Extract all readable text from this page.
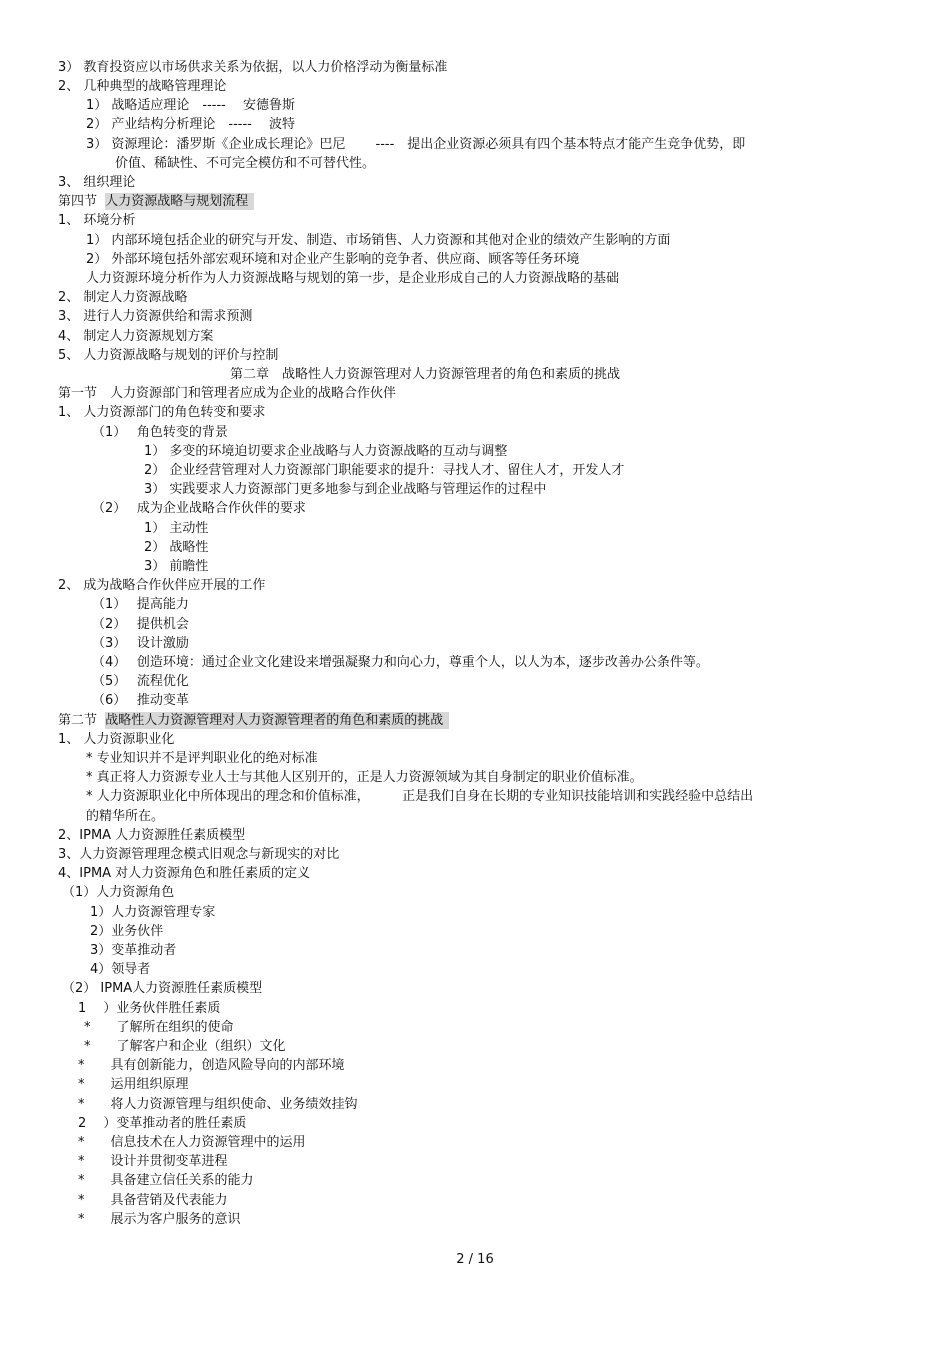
3） 教育投资应以市场供求关系为依据，以人力价格浮动为衡量标准
2、 几种典型的战略管理理论
1） 战略适应理论　-----　 安德鲁斯
2） 产业结构分析理论　-----　 波特
3） 资源理论：潘罗斯《企业成长理论》巴尼　　 ----　提出企业资源必须具有四个基本特点才能产生竞争优势，即
价值、稀缺性、不可完全模仿和不可替代性。
3、 组织理论
第四节 人力资源战略与规划流程
1、 环境分析
1） 内部环境包括企业的研究与开发、制造、市场销售、人力资源和其他对企业的绩效产生影响的方面
2） 外部环境包括外部宏观环境和对企业产生影响的竞争者、供应商、顾客等任务环境
人力资源环境分析作为人力资源战略与规划的第一步，是企业形成自己的人力资源战略的基础
2、 制定人力资源战略
3、 进行人力资源供给和需求预测
4、 制定人力资源规划方案
5、 人力资源战略与规划的评价与控制
第二章　战略性人力资源管理对人力资源管理者的角色和素质的挑战
第一节　人力资源部门和管理者应成为企业的战略合作伙伴
1、 人力资源部门的角色转变和要求
（1）　 角色转变的背景
1） 多变的环境迫切要求企业战略与人力资源战略的互动与调整
2） 企业经营管理对人力资源部门职能要求的提升：寻找人才、留住人才，开发人才
3） 实践要求人力资源部门更多地参与到企业战略与管理运作的过程中
（2）　 成为企业战略合作伙伴的要求
1） 主动性
2） 战略性
3） 前瞻性
2、 成为战略合作伙伴应开展的工作
（1）　 提高能力
（2）　 提供机会
（3）　 设计激励
（4）　 创造环境：通过企业文化建设来增强凝聚力和向心力，尊重个人，以人为本，逐步改善办公条件等。
（5）　 流程优化
（6）　 推动变革
第二节 战略性人力资源管理对人力资源管理者的角色和素质的挑战
1、 人力资源职业化
* 专业知识并不是评判职业化的绝对标准
* 真正将人力资源专业人士与其他人区别开的，正是人力资源领域为其自身制定的职业价值标准。
* 人力资源职业化中所体现出的理念和价值标准，　　　正是我们自身在长期的专业知识技能培训和实践经验中总结出
的精华所在。
2、IPMA 人力资源胜任素质模型
3、人力资源管理理念模式旧观念与新现实的对比
4、IPMA 对人力资源角色和胜任素质的定义
（1）人力资源角色
1）人力资源管理专家
2）业务伙伴
3）变革推动者
4）领导者
（2） IPMA人力资源胜任素质模型
1　 ）业务伙伴胜任素质
*　　了解所在组织的使命
*　　了解客户和企业（组织）文化
*　　具有创新能力，创造风险导向的内部环境
*　　运用组织原理
*　　将人力资源管理与组织使命、业务绩效挂钩
2　 ）变革推动者的胜任素质
*　　信息技术在人力资源管理中的运用
*　　设计并贯彻变革进程
*　　具备建立信任关系的能力
*　　具备营销及代表能力
*　　展示为客户服务的意识
2 / 16
